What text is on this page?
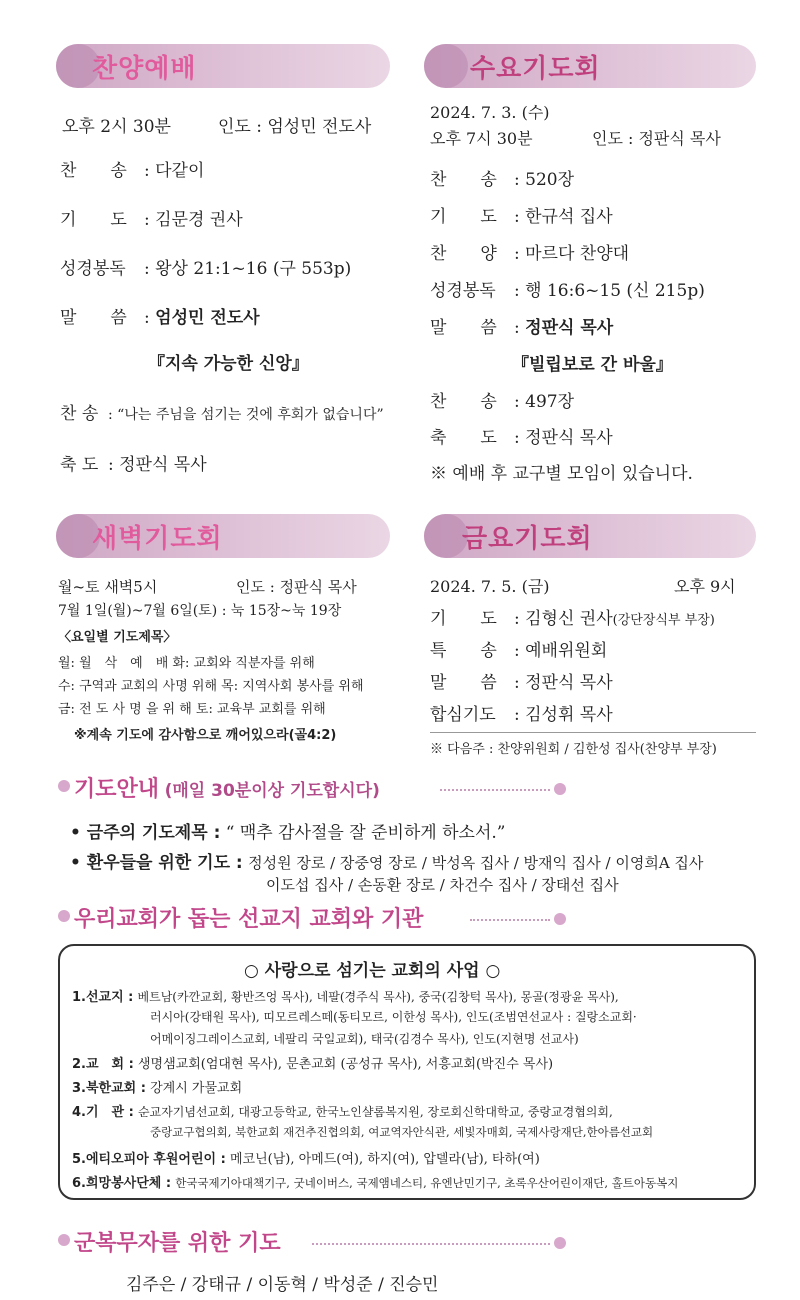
찬양예배
오후 2시 30분	인도 : 엄성민 전도사
찬　　송 : 다같이
기　　도 : 김문경 권사
성경봉독 : 왕상 21:1~16 (구 553p)
말　　씀 : 엄성민 전도사
『지속 가능한 신앙』
찬 송 : “나는 주님을 섬기는 것에 후회가 없습니다”
축 도 : 정판식 목사
수요기도회
2024. 7. 3. (수)
오후 7시 30분	인도 : 정판식 목사
찬　　송 : 520장
기　　도 : 한규석 집사
찬　　양 : 마르다 찬양대
성경봉독 : 행 16:6~15 (신 215p)
말　　씀 : 정판식 목사
『빌립보로 간 바울』
찬　　송 : 497장
축　　도 : 정판식 목사
※ 예배 후 교구별 모임이 있습니다.
새벽기도회
월~토 새벽5시	인도 : 정판식 목사
7월 1일(월)~7월 6일(토) : 눅 15장~눅 19장
〈요일별 기도제목〉
월: 월　삭　예　배 화: 교회와 직분자를 위해
수: 구역과 교회의 사명 위해 목: 지역사회 봉사를 위해
금: 전 도 사 명 을 위 해 토: 교육부 교회를 위해
※계속 기도에 감사함으로 깨어있으라(골4:2)
금요기도회
2024. 7. 5. (금)	오후 9시
기　　도 : 김형신 권사(강단장식부 부장)
특　　송 : 예배위원회
말　　씀 : 정판식 목사
합심기도 : 김성휘 목사
※ 다음주 : 찬양위원회 / 김한성 집사(찬양부 부장)
기도안내 (매일 30분이상 기도합시다)
• 금주의 기도제목 : “ 맥추 감사절을 잘 준비하게 하소서.”
• 환우들을 위한 기도 : 정성원 장로 / 장중영 장로 / 박성옥 집사 / 방재익 집사 / 이영희A 집사
이도섭 집사 / 손동환 장로 / 차건수 집사 / 장태선 집사
우리교회가 돕는 선교지 교회와 기관
○ 사랑으로 섬기는 교회의 사업 ○
1.선교지 : 베트남(카깐교회, 황반즈엉 목사), 네팔(경주식 목사), 중국(김창턱 목사), 몽골(정광윤 목사),
러시아(강태원 목사), 띠모르레스떼(동티모르, 이한성 목사), 인도(조범연선교사 : 질랑소교회·
어메이징그레이스교회, 네팔리 국일교회), 태국(김경수 목사), 인도(지현명 선교사)
2.교　회 : 생명샘교회(엄대현 목사), 문촌교회 (공성규 목사), 서흥교회(박진수 목사)
3.북한교회 : 강계시 가물교회
4.기　관 : 순교자기념선교회, 대광고등학교, 한국노인샬롬복지원, 장로회신학대학교, 중랑교경협의회,
중랑교구협의회, 북한교회 재건추진협의회, 여교역자안식관, 세빛자매회, 국제사랑재단,한아름선교회
5.에티오피아 후원어린이 : 메코닌(남), 아메드(여), 하지(여), 압델라(남), 타하(여)
6.희망봉사단체 : 한국국제기아대책기구, 굿네이버스, 국제앰네스티, 유엔난민기구, 초록우산어린이재단, 홀트아동복지
군복무자를 위한 기도
김주은 / 강태규 / 이동혁 / 박성준 / 진승민
